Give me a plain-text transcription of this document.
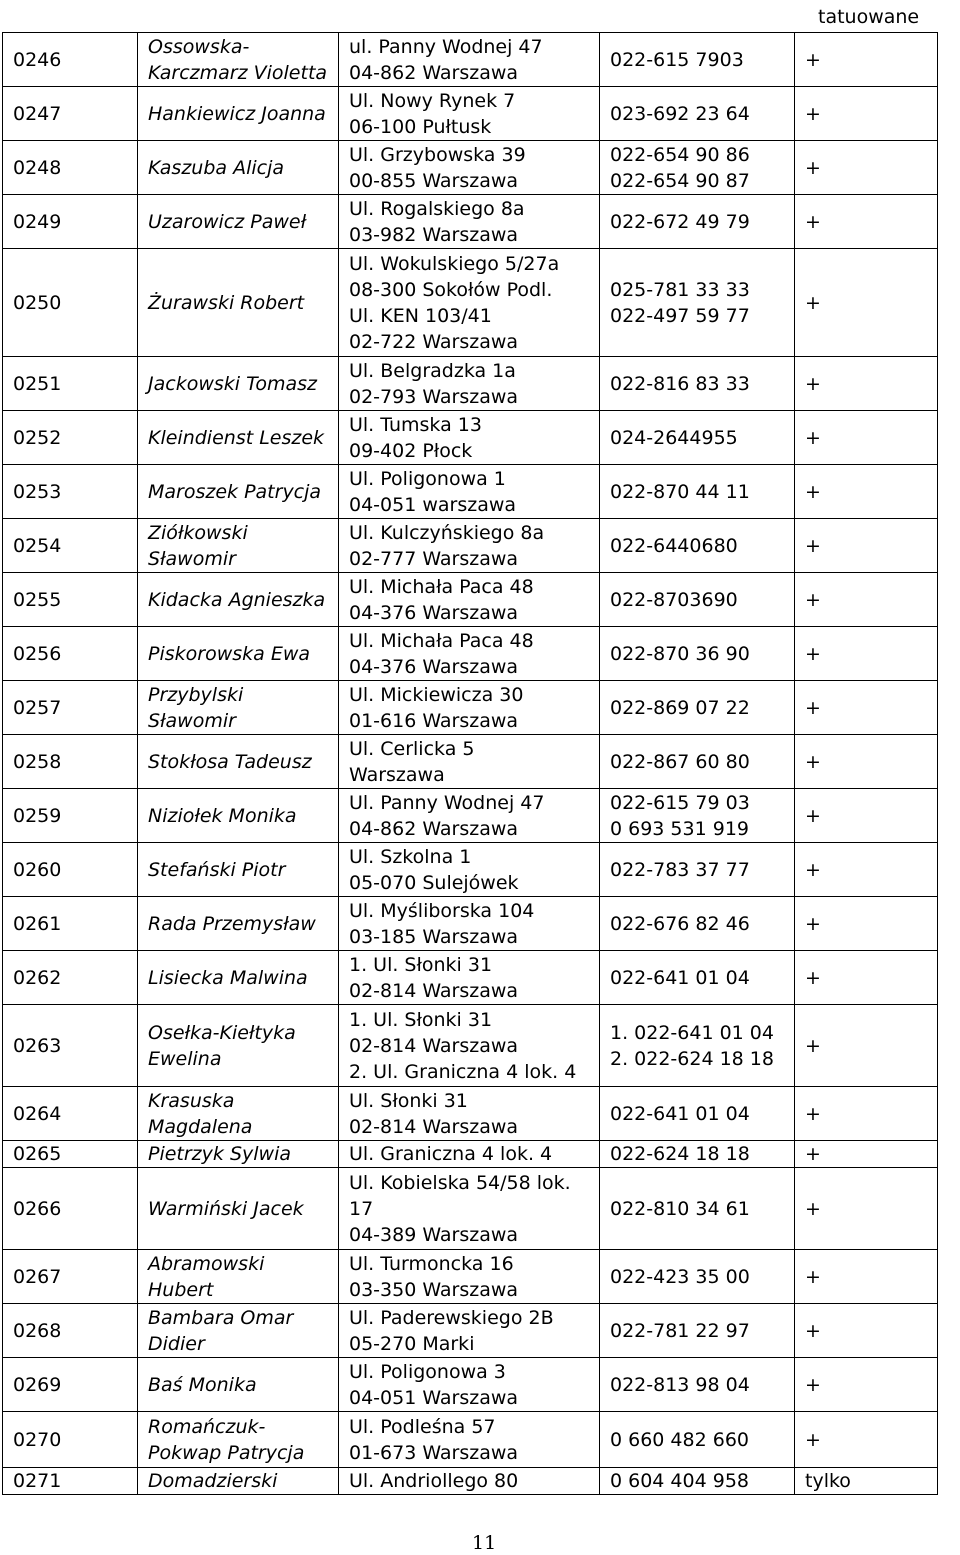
tatuowane
0246	Ossowska-
Karczmarz Violetta	ul. Panny Wodnej 47
04-862 Warszawa	022-615 7903	+
0247	Hankiewicz Joanna	Ul. Nowy Rynek 7
06-100 Pułtusk	023-692 23 64	+
0248	Kaszuba Alicja	Ul. Grzybowska 39
00-855 Warszawa	022-654 90 86
022-654 90 87	+
0249	Uzarowicz Paweł	Ul. Rogalskiego 8a
03-982 Warszawa	022-672 49 79	+
0250	Żurawski Robert	Ul. Wokulskiego 5/27a
08-300 Sokołów Podl.
Ul. KEN 103/41
02-722 Warszawa	025-781 33 33
022-497 59 77	+
0251	Jackowski Tomasz	Ul. Belgradzka 1a
02-793 Warszawa	022-816 83 33	+
0252	Kleindienst Leszek	Ul. Tumska 13
09-402 Płock	024-2644955	+
0253	Maroszek Patrycja	Ul. Poligonowa 1
04-051 warszawa	022-870 44 11	+
0254	Ziółkowski
Sławomir	Ul. Kulczyńskiego 8a
02-777 Warszawa	022-6440680	+
0255	Kidacka Agnieszka	Ul. Michała Paca 48
04-376 Warszawa	022-8703690	+
0256	Piskorowska Ewa	Ul. Michała Paca 48
04-376 Warszawa	022-870 36 90	+
0257	Przybylski
Sławomir	Ul. Mickiewicza 30
01-616 Warszawa	022-869 07 22	+
0258	Stokłosa Tadeusz	Ul. Cerlicka 5
Warszawa	022-867 60 80	+
0259	Niziołek Monika	Ul. Panny Wodnej 47
04-862 Warszawa	022-615 79 03
0 693 531 919	+
0260	Stefański Piotr	Ul. Szkolna 1
05-070 Sulejówek	022-783 37 77	+
0261	Rada Przemysław	Ul. Myśliborska 104
03-185 Warszawa	022-676 82 46	+
0262	Lisiecka Malwina	1. Ul. Słonki 31
02-814 Warszawa	022-641 01 04	+
0263	Osełka-Kiełtyka
Ewelina	1. Ul. Słonki 31
02-814 Warszawa
2. Ul. Graniczna 4 lok. 4	1. 022-641 01 04
2. 022-624 18 18	+
0264	Krasuska
Magdalena	Ul. Słonki 31
02-814 Warszawa	022-641 01 04	+
0265	Pietrzyk Sylwia	Ul. Graniczna 4 lok. 4	022-624 18 18	+
0266	Warmiński Jacek	Ul. Kobielska 54/58 lok.
17
04-389 Warszawa	022-810 34 61	+
0267	Abramowski
Hubert	Ul. Turmoncka 16
03-350 Warszawa	022-423 35 00	+
0268	Bambara Omar
Didier	Ul. Paderewskiego 2B
05-270 Marki	022-781 22 97	+
0269	Baś Monika	Ul. Poligonowa 3
04-051 Warszawa	022-813 98 04	+
0270	Romańczuk-
Pokwap Patrycja	Ul. Podleśna 57
01-673 Warszawa	0 660 482 660	+
0271	Domadzierski	Ul. Andriollego 80	0 604 404 958	tylko
11
